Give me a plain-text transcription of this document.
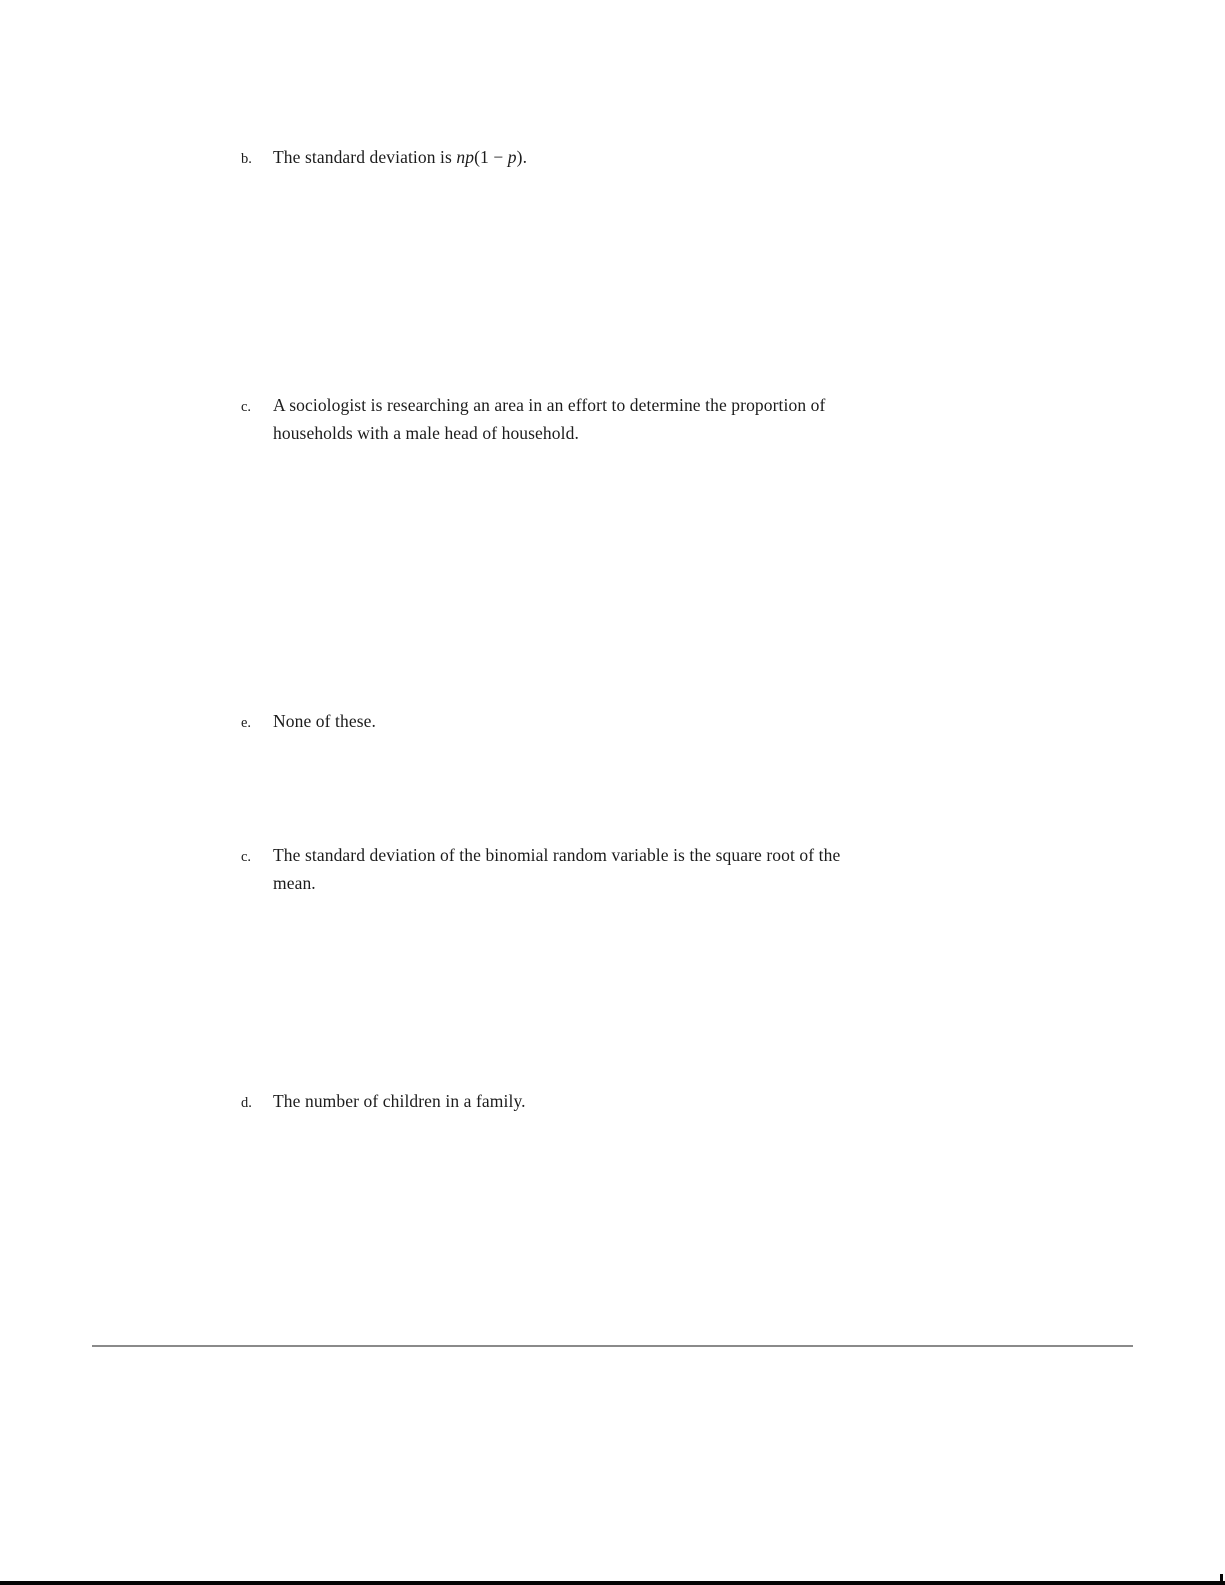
b.	The standard deviation is np(1 − p).
c.	A sociologist is researching an area in an effort to determine the proportion of
households with a male head of household.
e.	None of these.
c.	The standard deviation of the binomial random variable is the square root of the
mean.
d.	The number of children in a family.
